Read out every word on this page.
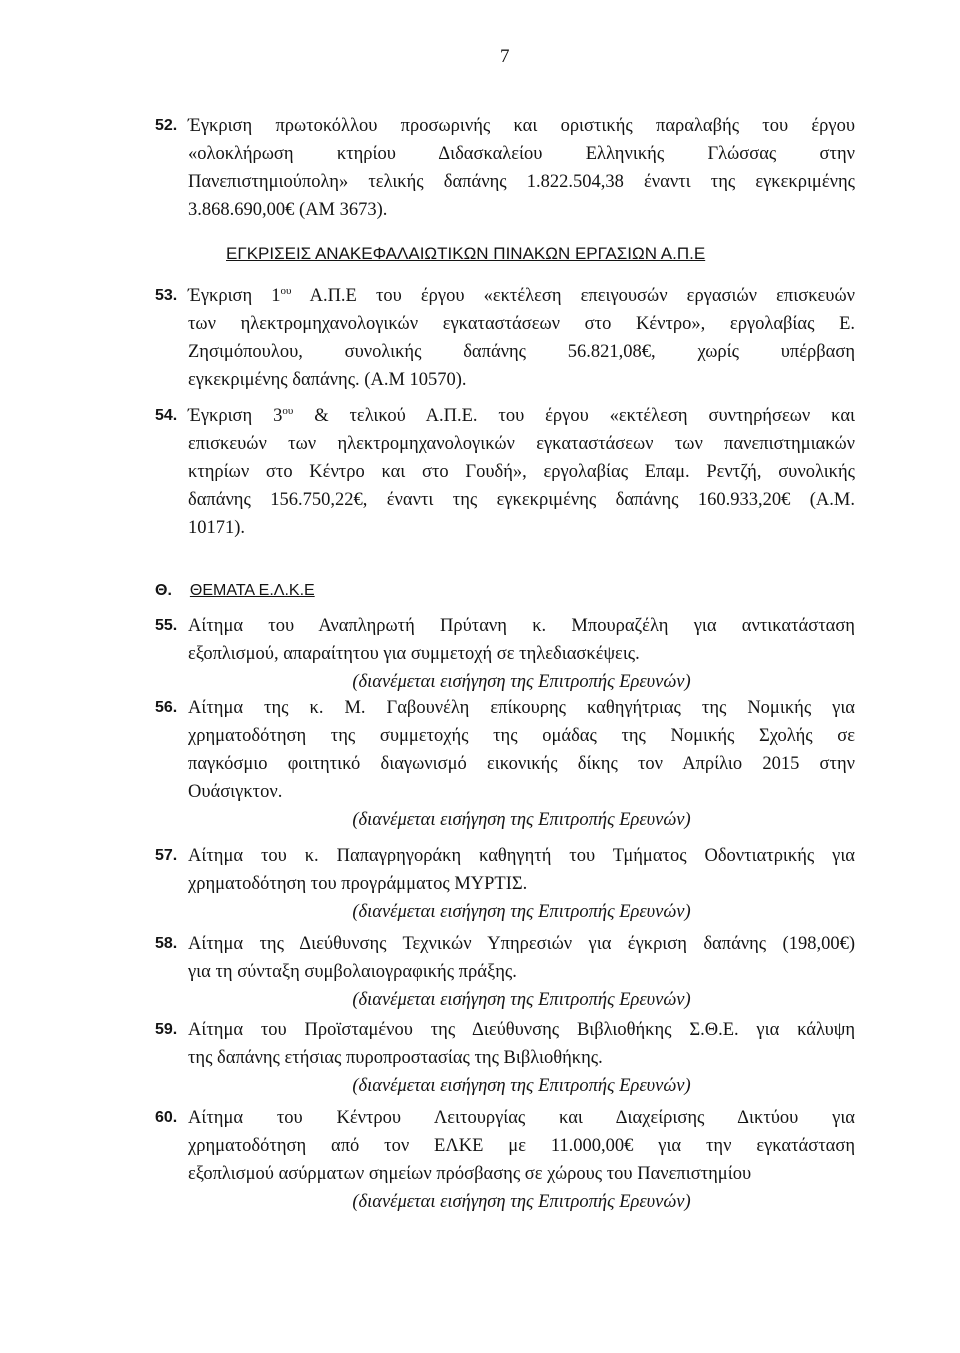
7
52. Έγκριση πρωτοκόλλου προσωρινής και οριστικής παραλαβής του έργου
«ολοκλήρωση κτηρίου Διδασκαλείου Ελληνικής Γλώσσας στην
Πανεπιστημιούπολη» τελικής δαπάνης 1.822.504,38 έναντι της εγκεκριμένης
3.868.690,00€ (ΑΜ 3673).
ΕΓΚΡΙΣΕΙΣ ΑΝΑΚΕΦΑΛΑΙΩΤΙΚΩΝ ΠΙΝΑΚΩΝ ΕΡΓΑΣΙΩΝ Α.Π.Ε
53. Έγκριση $1^{o\upsilon}$ Α.Π.Ε του έργου «εκτέλεση επειγουσών εργασιών επισκευών
των ηλεκτρομηχανολογικών εγκαταστάσεων στο Κέντρο», εργολαβίας Ε.
Ζησιμόπουλου, συνολικής δαπάνης 56.821,08€, χωρίς υπέρβαση
εγκεκριμένης δαπάνης. (Α.Μ 10570).
54. Έγκριση $3^{o\upsilon}$ & τελικού Α.Π.Ε. του έργου «εκτέλεση συντηρήσεων και
επισκευών των ηλεκτρομηχανολογικών εγκαταστάσεων των πανεπιστημιακών
κτηρίων στο Κέντρο και στο Γουδή», εργολαβίας Επαμ. Ρεντζή, συνολικής
δαπάνης 156.750,22€, έναντι της εγκεκριμένης δαπάνης 160.933,20€ (Α.Μ.
10171).
Θ. ΘΕΜΑΤΑ Ε.Λ.Κ.Ε
55. Αίτημα του Αναπληρωτή Πρύτανη κ. Μπουραζέλη για αντικατάσταση
εξοπλισμού, απαραίτητου για συμμετοχή σε τηλεδιασκέψεις.
(διανέμεται εισήγηση της Επιτροπής Ερευνών)
56. Αίτημα της κ. Μ. Γαβουνέλη επίκουρης καθηγήτριας της Νομικής για
χρηματοδότηση της συμμετοχής της ομάδας της Νομικής Σχολής σε
παγκόσμιο φοιτητικό διαγωνισμό εικονικής δίκης τον Απρίλιο 2015 στην
Ουάσιγκτον.
(διανέμεται εισήγηση της Επιτροπής Ερευνών)
57. Αίτημα του κ. Παπαγρηγοράκη καθηγητή του Τμήματος Οδοντιατρικής για
χρηματοδότηση του προγράμματος ΜΥΡΤΙΣ.
(διανέμεται εισήγηση της Επιτροπής Ερευνών)
58. Αίτημα της Διεύθυνσης Τεχνικών Υπηρεσιών για έγκριση δαπάνης (198,00€)
για τη σύνταξη συμβολαιογραφικής πράξης.
(διανέμεται εισήγηση της Επιτροπής Ερευνών)
59. Αίτημα του Προϊσταμένου της Διεύθυνσης Βιβλιοθήκης Σ.Θ.Ε. για κάλυψη
της δαπάνης ετήσιας πυροπροστασίας της Βιβλιοθήκης.
(διανέμεται εισήγηση της Επιτροπής Ερευνών)
60. Αίτημα του Κέντρου Λειτουργίας και Διαχείρισης Δικτύου για
χρηματοδότηση από τον ΕΛΚΕ με 11.000,00€ για την εγκατάσταση
εξοπλισμού ασύρματων σημείων πρόσβασης σε χώρους του Πανεπιστημίου
(διανέμεται εισήγηση της Επιτροπής Ερευνών)
